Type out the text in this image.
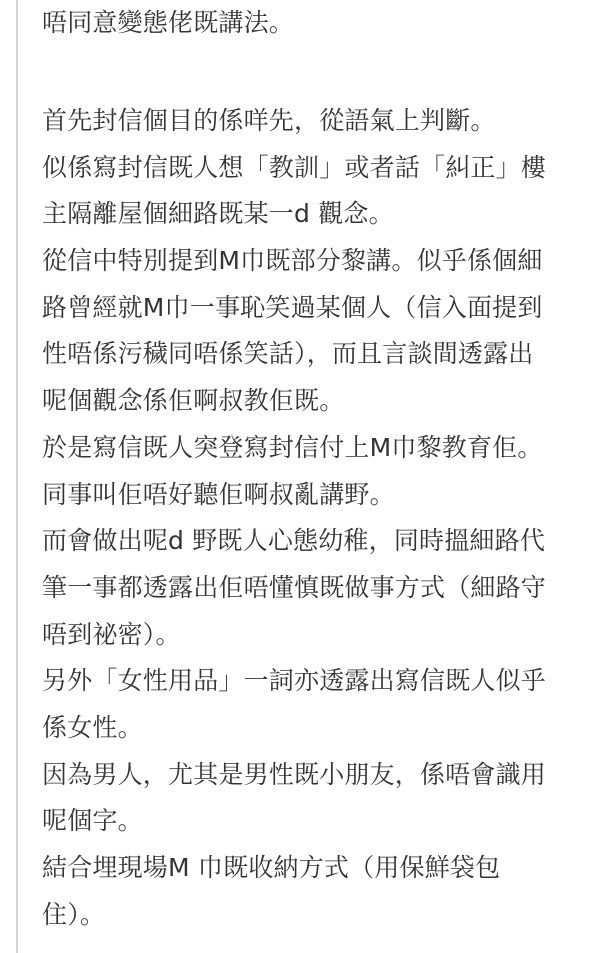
唔同意變態佬既講法。
首先封信個目的係咩先，從語氣上判斷。
似係寫封信既人想「教訓」或者話「糾正」樓
主隔離屋個細路既某一d 觀念。
從信中特別提到M巾既部分黎講。似乎係個細
路曾經就M巾一事恥笑過某個人（信入面提到
性唔係污穢同唔係笑話），而且言談間透露出
呢個觀念係佢啊叔教佢既。
於是寫信既人突登寫封信付上M巾黎教育佢。
同事叫佢唔好聽佢啊叔亂講野。
而會做出呢d 野既人心態幼稚，同時搵細路代
筆一事都透露出佢唔懂慎既做事方式（細路守
唔到祕密）。
另外「女性用品」一詞亦透露出寫信既人似乎
係女性。
因為男人，尤其是男性既小朋友，係唔會識用
呢個字。
結合埋現場M 巾既收納方式（用保鮮袋包
住）。
